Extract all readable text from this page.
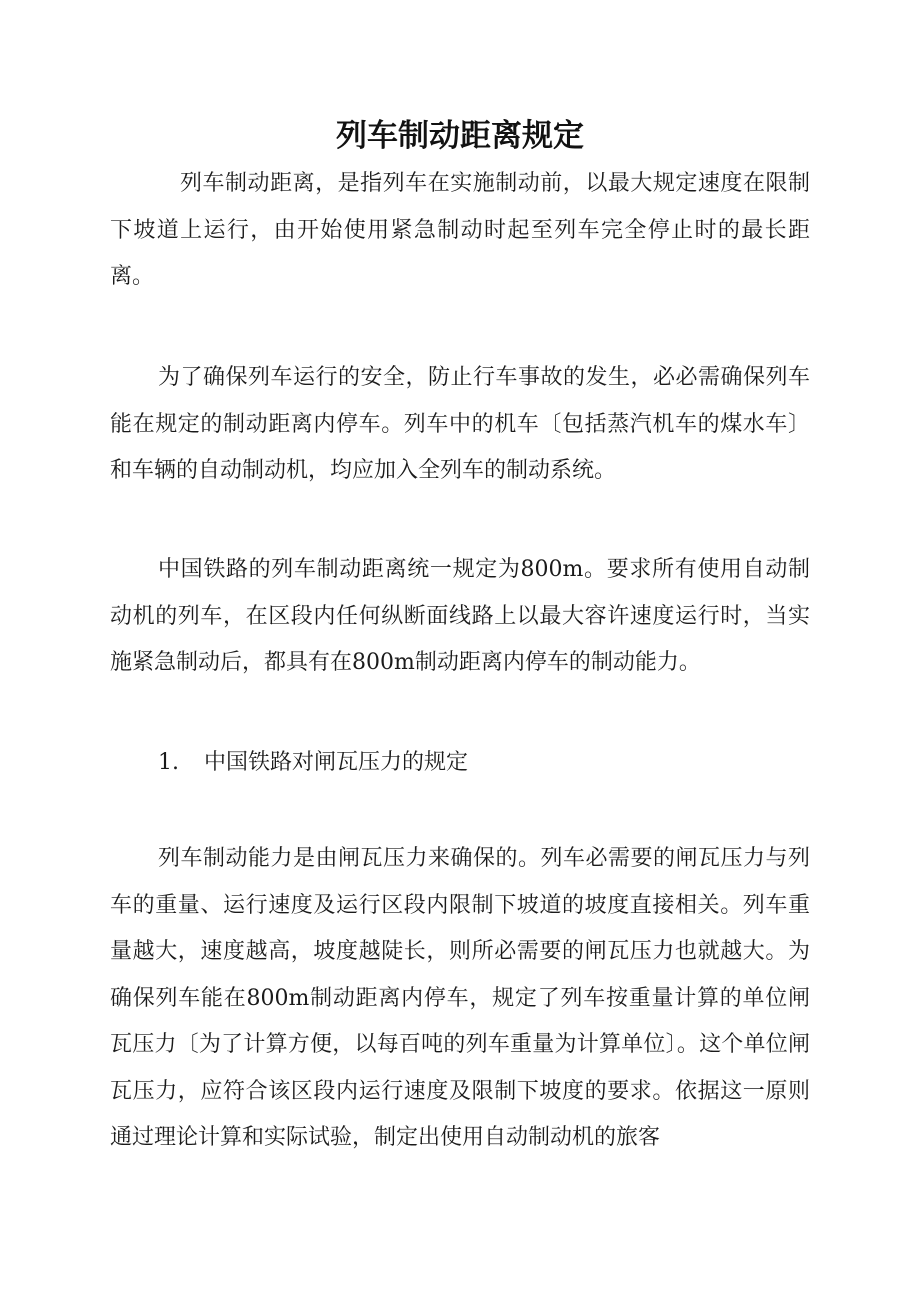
列车制动距离规定

列车制动距离，是指列车在实施制动前，以最大规定速度在限制下坡道上运行，由开始使用紧急制动时起至列车完全停止时的最长距离。

为了确保列车运行的安全，防止行车事故的发生，必必需确保列车能在规定的制动距离内停车。列车中的机车〔包括蒸汽机车的煤水车〕和车辆的自动制动机，均应加入全列车的制动系统。

中国铁路的列车制动距离统一规定为800m。要求所有使用自动制动机的列车，在区段内任何纵断面线路上以最大容许速度运行时，当实施紧急制动后，都具有在800m制动距离内停车的制动能力。

1. 中国铁路对闸瓦压力的规定

列车制动能力是由闸瓦压力来确保的。列车必需要的闸瓦压力与列车的重量、运行速度及运行区段内限制下坡道的坡度直接相关。列车重量越大，速度越高，坡度越陡长，则所必需要的闸瓦压力也就越大。为确保列车能在800m制动距离内停车，规定了列车按重量计算的单位闸瓦压力〔为了计算方便，以每百吨的列车重量为计算单位〕。这个单位闸瓦压力，应符合该区段内运行速度及限制下坡度的要求。依据这一原则通过理论计算和实际试验，制定出使用自动制动机的旅客
